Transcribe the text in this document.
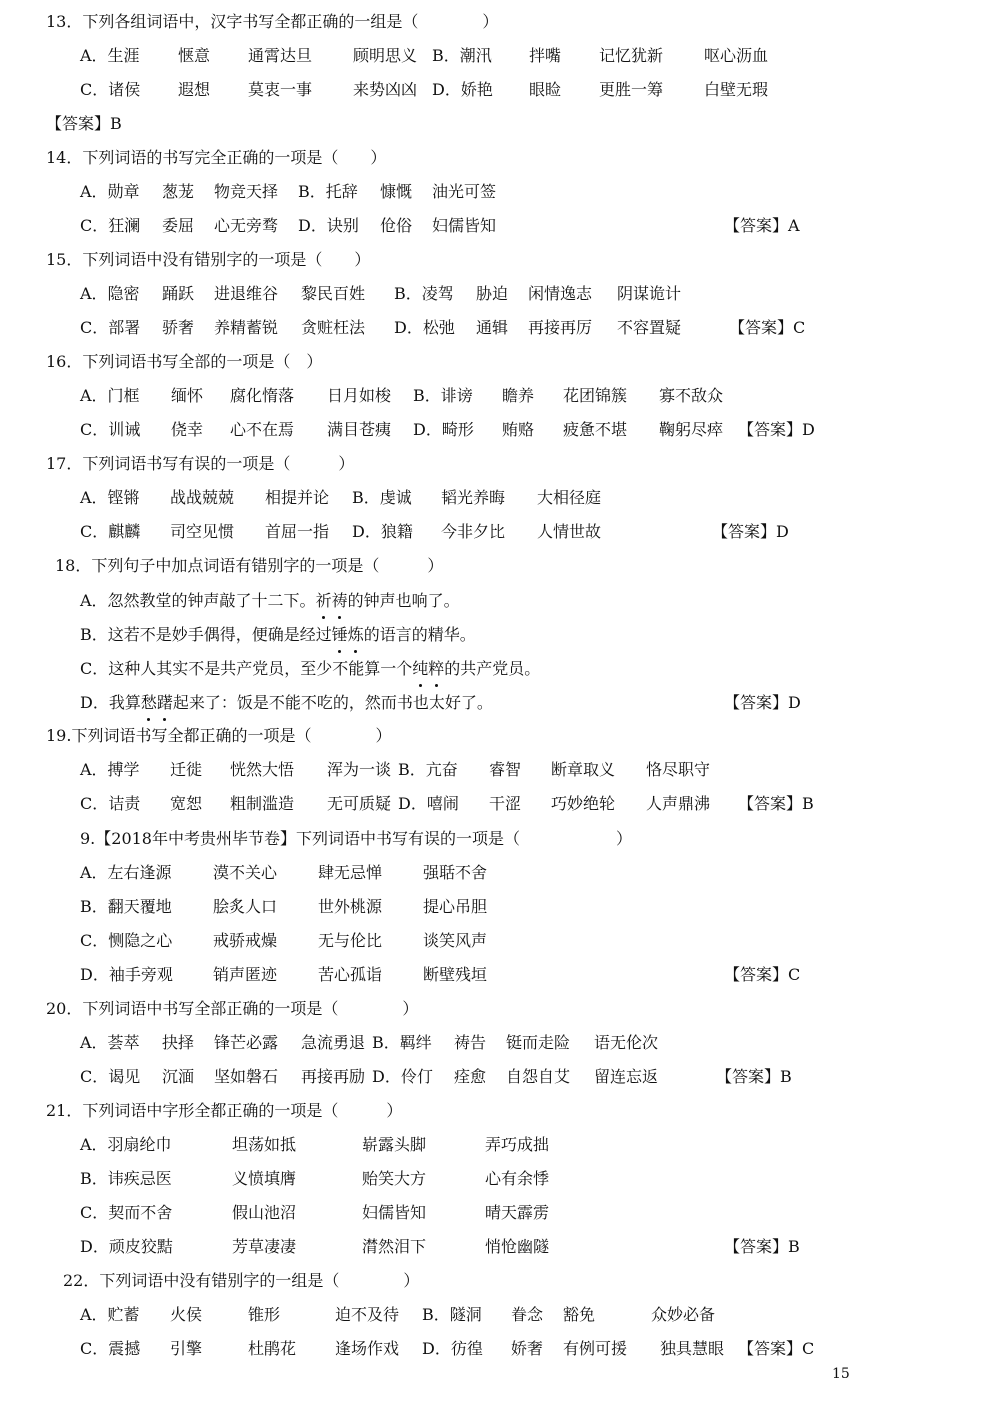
13．下列各组词语中，汉字书写全都正确的一组是（　　　　）
A．生涯 惬意 通霄达旦	顾明思义 B．潮汛 拌嘴 记忆犹新	呕心沥血
C．诸侯 遐想 莫衷一事	来势凶凶 D．娇艳 眼睑 更胜一筹	白壁无瑕
【答案】B
14．下列词语的书写完全正确的一项是（　　）
A．勋章 葱茏 物竞天择 B．托辞 慷慨 油光可签
C．狂澜 委屈 心无旁骛 D．诀别 伧俗 妇儒皆知	【答案】A
15．下列词语中没有错别字的一项是（　　）
A．隐密 踊跃 进退维谷 黎民百姓 B．凌驾 胁迫 闲情逸志 阴谋诡计
C．部署 骄奢 养精蓄锐 贪赃枉法 D．松弛 通辑 再接再厉 不容置疑	【答案】C
16．下列词语书写全部的一项是（　）
A．门框 缅怀 腐化惰落 日月如梭 B．诽谤 瞻养 花团锦簇 寡不敌众
C．训诫 侥幸 心不在焉 满目苍痍 D．畸形 贿赂 疲惫不堪 鞠躬尽瘁 【答案】D
17．下列词语书写有误的一项是（　　　）
A．铿锵 战战兢兢 相提并论 B．虔诚 韬光养晦 大相径庭
C．麒麟 司空见惯 首屈一指 D．狼籍 今非夕比 人情世故	【答案】D
18．下列句子中加点词语有错别字的一项是（　　　）
A．忽然教堂的钟声敲了十二下。祈祷的钟声也响了。
B．这若不是妙手偶得，便确是经过锤炼的语言的精华。
C．这种人其实不是共产党员，至少不能算一个纯粹的共产党员。
D．我算愁躇起来了：饭是不能不吃的，然而书也太好了。	【答案】D
19.下列词语书写全都正确的一项是（　　　　）
A．搏学 迁徙 恍然大悟 浑为一谈 B．亢奋 睿智 断章取义 恪尽职守
C．诘责 宽恕 粗制滥造 无可质疑 D．嘻闹 干涩 巧妙绝轮 人声鼎沸 【答案】B
9.【2018年中考贵州毕节卷】下列词语中书写有误的一项是（　　　　　　）
A．左右逢源	漠不关心	肆无忌惮	强聒不舍
B．翻天覆地	脍炙人口	世外桃源	提心吊胆
C．恻隐之心	戒骄戒燥	无与伦比	谈笑风声
D．袖手旁观	销声匿迹	苦心孤诣	断壁残垣	【答案】C
20．下列词语中书写全部正确的一项是（　　　　）
A．荟萃 抉择 锋芒必露 急流勇退 B．羁绊 祷告 铤而走险 语无伦次
C．谒见 沉湎 坚如磐石 再接再励 D．伶仃 痊愈 自怨自艾 留连忘返	【答案】B
21．下列词语中字形全都正确的一项是（　　　）
A．羽扇纶巾	坦荡如抵	崭露头脚	弄巧成拙
B．讳疾忌医	义愤填膺	贻笑大方	心有余悸
C．契而不舍	假山池沼	妇儒皆知	晴天霹雳
D．顽皮狡黠	芳草凄凄	潸然泪下	悄怆幽隧	【答案】B
22．下列词语中没有错别字的一组是（　　　　）
A．贮蓄 火侯	锥形	迫不及待 B．隧洞 眷念 豁免	众妙必备
C．震撼 引擎	杜鹃花 逢场作戏 D．彷徨 娇奢 有例可援 独具慧眼 【答案】C
15
